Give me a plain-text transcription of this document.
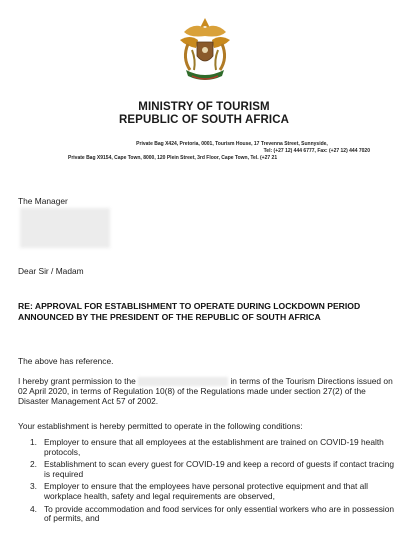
MINISTRY OF TOURISM
REPUBLIC OF SOUTH AFRICA
Private Bag X424, Pretoria, 0001, Tourism House, 17 Trevenna Street, Sunnyside,
Tel: (+27 12) 444 6777, Fax: (+27 12) 444 7020
Private Bag X9154, Cape Town, 8000, 120 Plein Street, 3rd Floor, Cape Town, Tel. (+27 21
The Manager
Dear Sir / Madam
RE: APPROVAL FOR ESTABLISHMENT TO OPERATE DURING LOCKDOWN PERIOD ANNOUNCED BY THE PRESIDENT OF THE REPUBLIC OF SOUTH AFRICA
The above has reference.
I hereby grant permission to the	in terms of the Tourism Directions issued on 02 April 2020, in terms of Regulation 10(8) of the Regulations made under section 27(2) of the Disaster Management Act 57 of 2002.
Your establishment is hereby permitted to operate in the following conditions:
1. Employer to ensure that all employees at the establishment are trained on COVID-19 health protocols,
2. Establishment to scan every guest for COVID-19 and keep a record of guests if contact tracing is required
3. Employer to ensure that the employees have personal protective equipment and that all workplace health, safety and legal requirements are observed,
4. To provide accommodation and food services for only essential workers who are in possession of permits, and
